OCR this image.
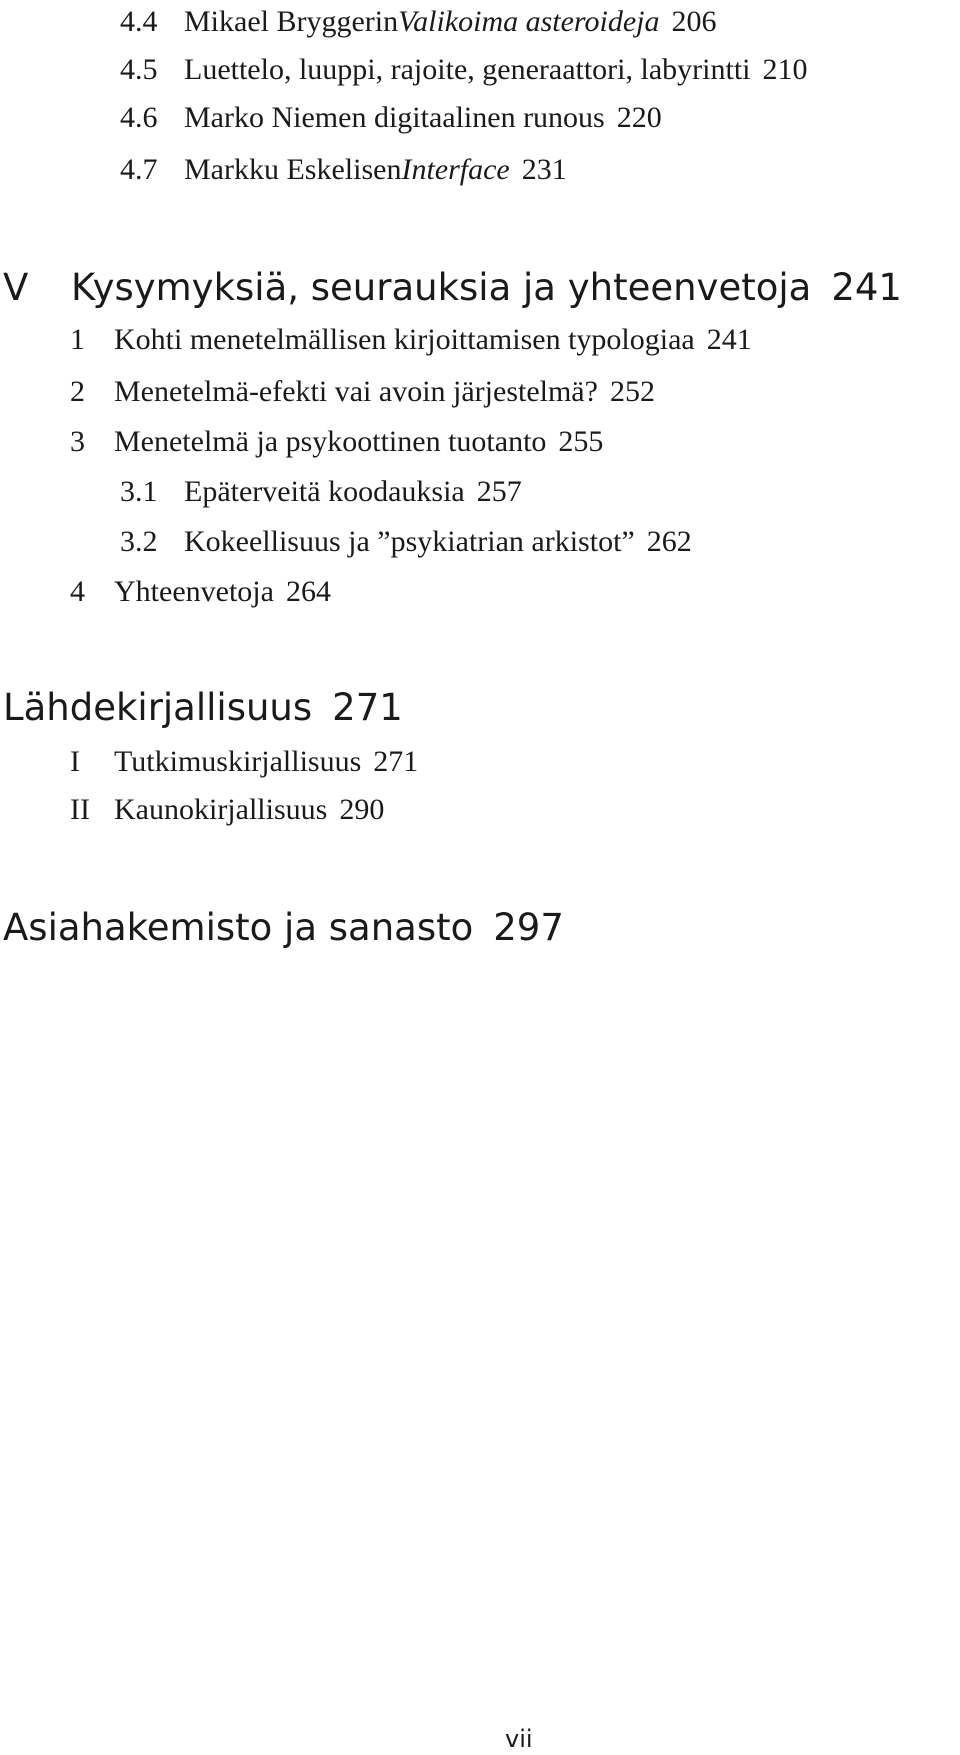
4.4 Mikael BryggerinValikoima asteroideja 206
4.5 Luettelo, luuppi, rajoite, generaattori, labyrintti 210
4.6 Marko Niemen digitaalinen runous 220
4.7 Markku EskelisenInterface 231
V Kysymyksiä, seurauksia ja yhteenvetoja 241
1 Kohti menetelmällisen kirjoittamisen typologiaa 241
2 Menetelmä-efekti vai avoin järjestelmä? 252
3 Menetelmä ja psykoottinen tuotanto 255
3.1 Epäterveitä koodauksia 257
3.2 Kokeellisuus ja ”psykiatrian arkistot” 262
4 Yhteenvetoja 264
Lähdekirjallisuus 271
I Tutkimuskirjallisuus 271
II Kaunokirjallisuus 290
Asiahakemisto ja sanasto 297
vii
